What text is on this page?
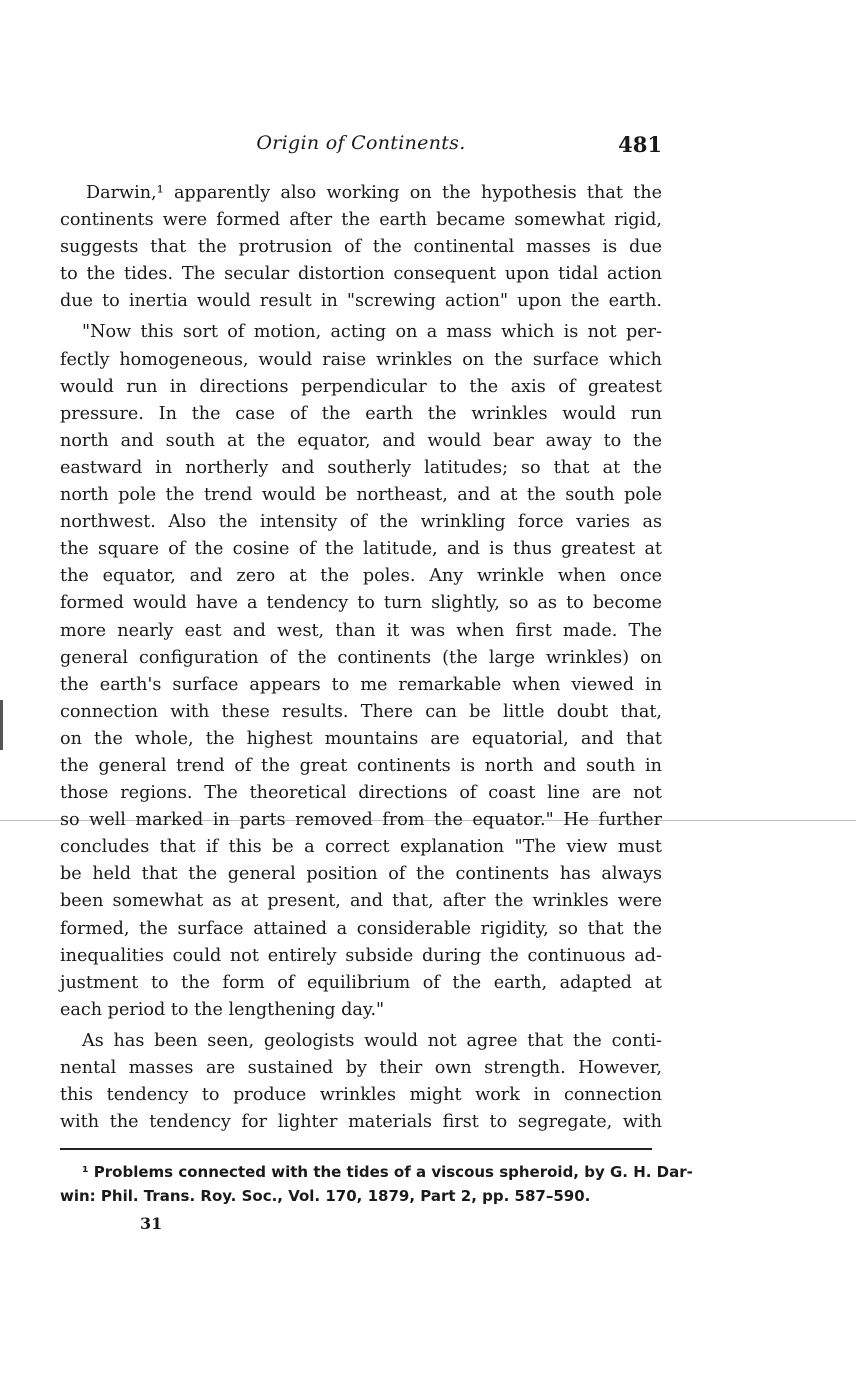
Origin of Continents.	481
Darwin,¹ apparently also working on the hypothesis that the
continents were formed after the earth became somewhat rigid,
suggests that the protrusion of the continental masses is due
to the tides. The secular distortion consequent upon tidal action
due to inertia would result in "screwing action" upon the earth.
"Now this sort of motion, acting on a mass which is not per-
fectly homogeneous, would raise wrinkles on the surface which
would run in directions perpendicular to the axis of greatest
pressure. In the case of the earth the wrinkles would run
north and south at the equator, and would bear away to the
eastward in northerly and southerly latitudes; so that at the
north pole the trend would be northeast, and at the south pole
northwest. Also the intensity of the wrinkling force varies as
the square of the cosine of the latitude, and is thus greatest at
the equator, and zero at the poles. Any wrinkle when once
formed would have a tendency to turn slightly, so as to become
more nearly east and west, than it was when first made. The
general configuration of the continents (the large wrinkles) on
the earth's surface appears to me remarkable when viewed in
connection with these results. There can be little doubt that,
on the whole, the highest mountains are equatorial, and that
the general trend of the great continents is north and south in
those regions. The theoretical directions of coast line are not
so well marked in parts removed from the equator." He further
concludes that if this be a correct explanation "The view must
be held that the general position of the continents has always
been somewhat as at present, and that, after the wrinkles were
formed, the surface attained a considerable rigidity, so that the
inequalities could not entirely subside during the continuous ad-
justment to the form of equilibrium of the earth, adapted at
each period to the lengthening day."
As has been seen, geologists would not agree that the conti-
nental masses are sustained by their own strength. However,
this tendency to produce wrinkles might work in connection
with the tendency for lighter materials first to segregate, with
¹ Problems connected with the tides of a viscous spheroid, by G. H. Dar-
win: Phil. Trans. Roy. Soc., Vol. 170, 1879, Part 2, pp. 587–590.
31
